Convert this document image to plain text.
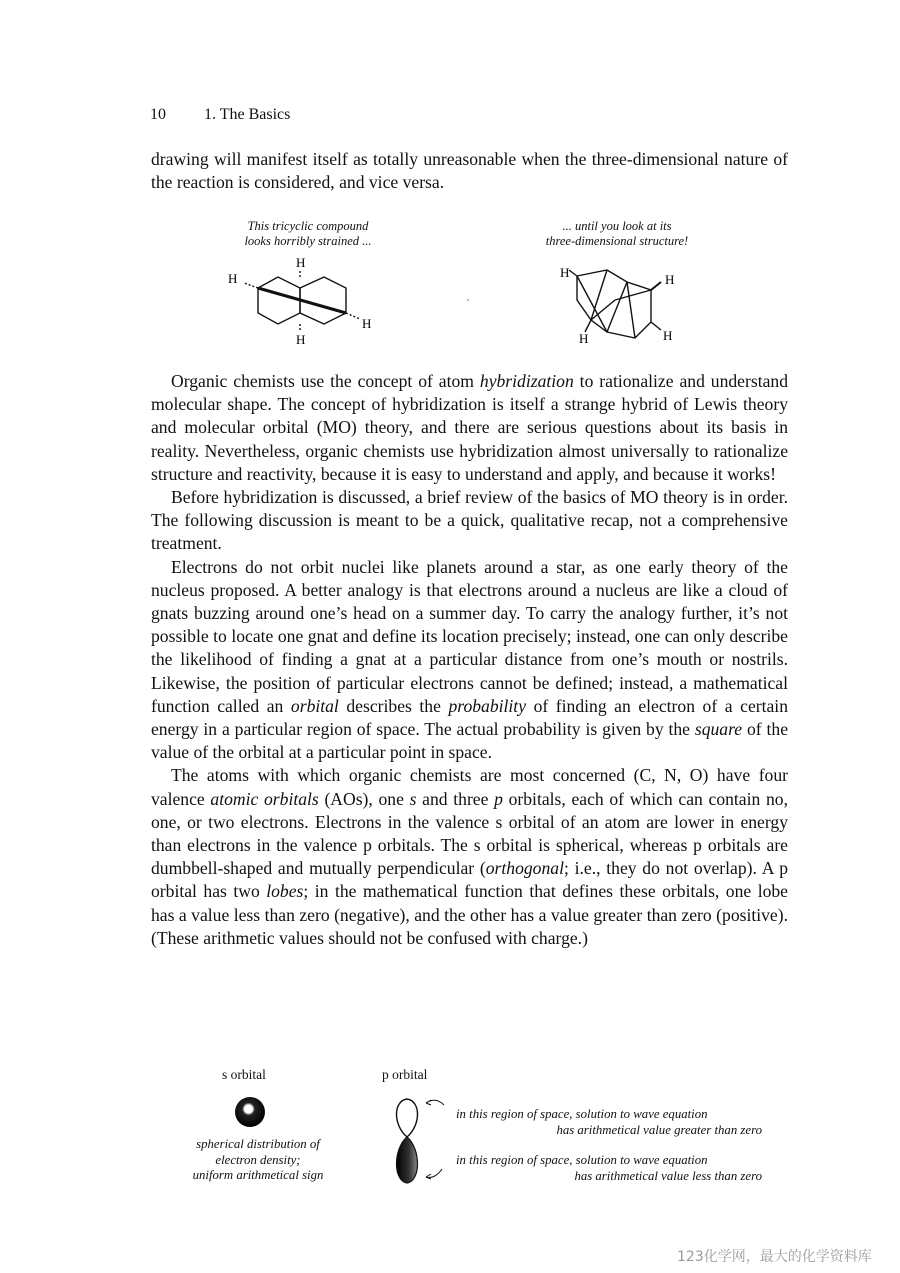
10 1. The Basics

drawing will manifest itself as totally unreasonable when the three-dimensional nature of the reaction is considered, and vice versa.

This tricyclic compound
looks horribly strained ...
... until you look at its
three-dimensional structure!
H
H
H
H
H	H
H	H

Organic chemists use the concept of atom hybridization to rationalize and understand molecular shape. The concept of hybridization is itself a strange hybrid of Lewis theory and molecular orbital (MO) theory, and there are serious questions about its basis in reality. Nevertheless, organic chemists use hybridization almost universally to rationalize structure and reactivity, because it is easy to understand and apply, and because it works!

Before hybridization is discussed, a brief review of the basics of MO theory is in order. The following discussion is meant to be a quick, qualitative recap, not a comprehensive treatment.

Electrons do not orbit nuclei like planets around a star, as one early theory of the nucleus proposed. A better analogy is that electrons around a nucleus are like a cloud of gnats buzzing around one’s head on a summer day. To carry the analogy further, it’s not possible to locate one gnat and define its location precisely; instead, one can only describe the likelihood of finding a gnat at a particular distance from one’s mouth or nostrils. Likewise, the position of particular electrons cannot be defined; instead, a mathematical function called an orbital describes the probability of finding an electron of a certain energy in a particular region of space. The actual probability is given by the square of the value of the orbital at a particular point in space.

The atoms with which organic chemists are most concerned (C, N, O) have four valence atomic orbitals (AOs), one s and three p orbitals, each of which can contain no, one, or two electrons. Electrons in the valence s orbital of an atom are lower in energy than electrons in the valence p orbitals. The s orbital is spherical, whereas p orbitals are dumbbell-shaped and mutually perpendicular (orthogonal; i.e., they do not overlap). A p orbital has two lobes; in the mathematical function that defines these orbitals, one lobe has a value less than zero (negative), and the other has a value greater than zero (positive). (These arithmetic values should not be confused with charge.)

s orbital	p orbital
spherical distribution of
electron density;
uniform arithmetical sign
in this region of space, solution to wave equation
has arithmetical value greater than zero
in this region of space, solution to wave equation
has arithmetical value less than zero
123化学网，最大的化学资料库
